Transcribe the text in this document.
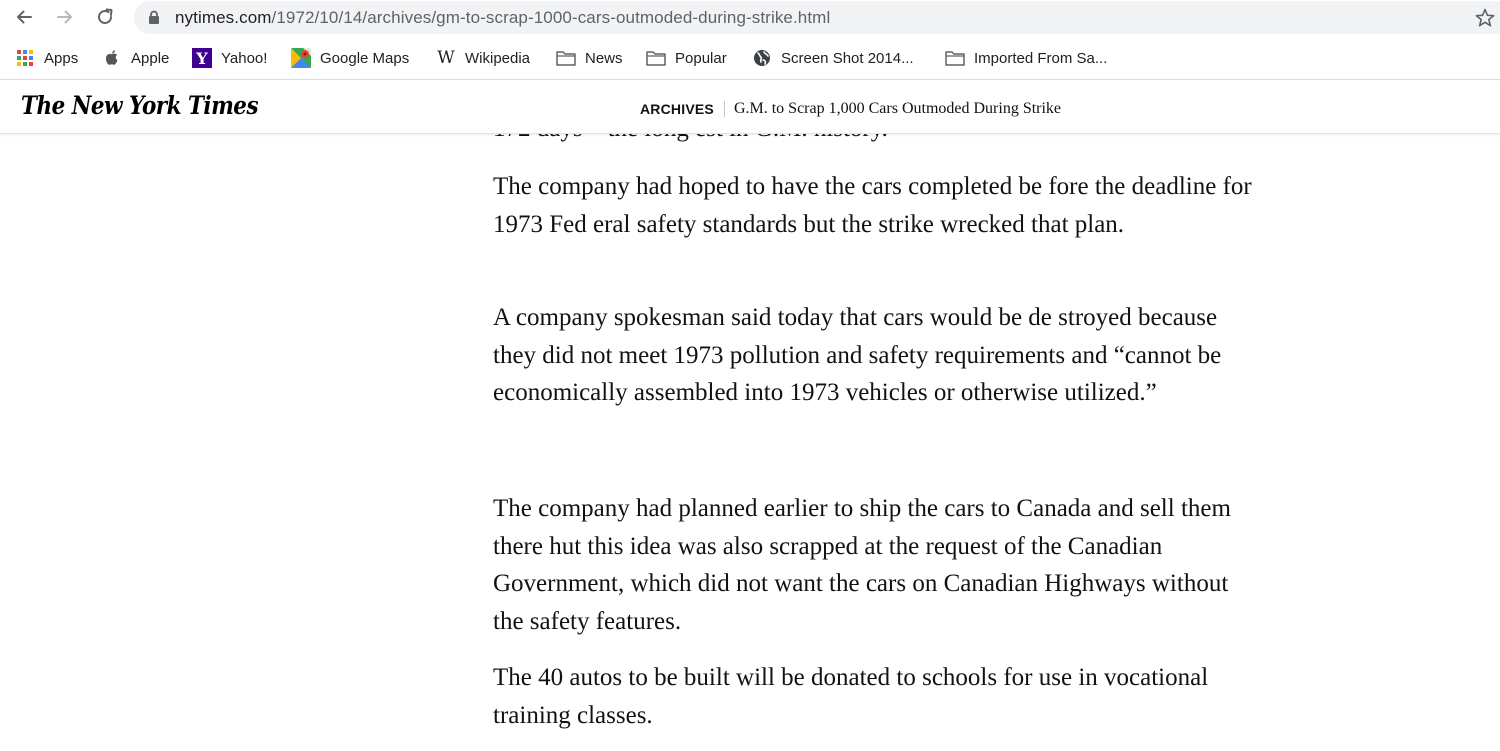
nytimes.com/1972/10/14/archives/gm-to-scrap-1000-cars-outmoded-during-strike.html
Apps	Apple Y Yahoo!	Google Maps W Wikipedia	News	Popular	Screen Shot 2014...	Imported From Sa...
The New York Times	ARCHIVES G.M. to Scrap 1,000 Cars Outmoded During Strike

The company had hoped to have the cars completed be fore the deadline for 1973 Fed eral safety standards but the strike wrecked that plan.

A company spokesman said today that cars would be de stroyed because they did not meet 1973 pollution and safety requirements and “cannot be economically assembled into 1973 vehicles or otherwise utilized.”

The company had planned earlier to ship the cars to Canada and sell them there hut this idea was also scrapped at the request of the Canadian Government, which did not want the cars on Canadian Highways without the safety features.

The 40 autos to be built will be donated to schools for use in vocational training classes.
